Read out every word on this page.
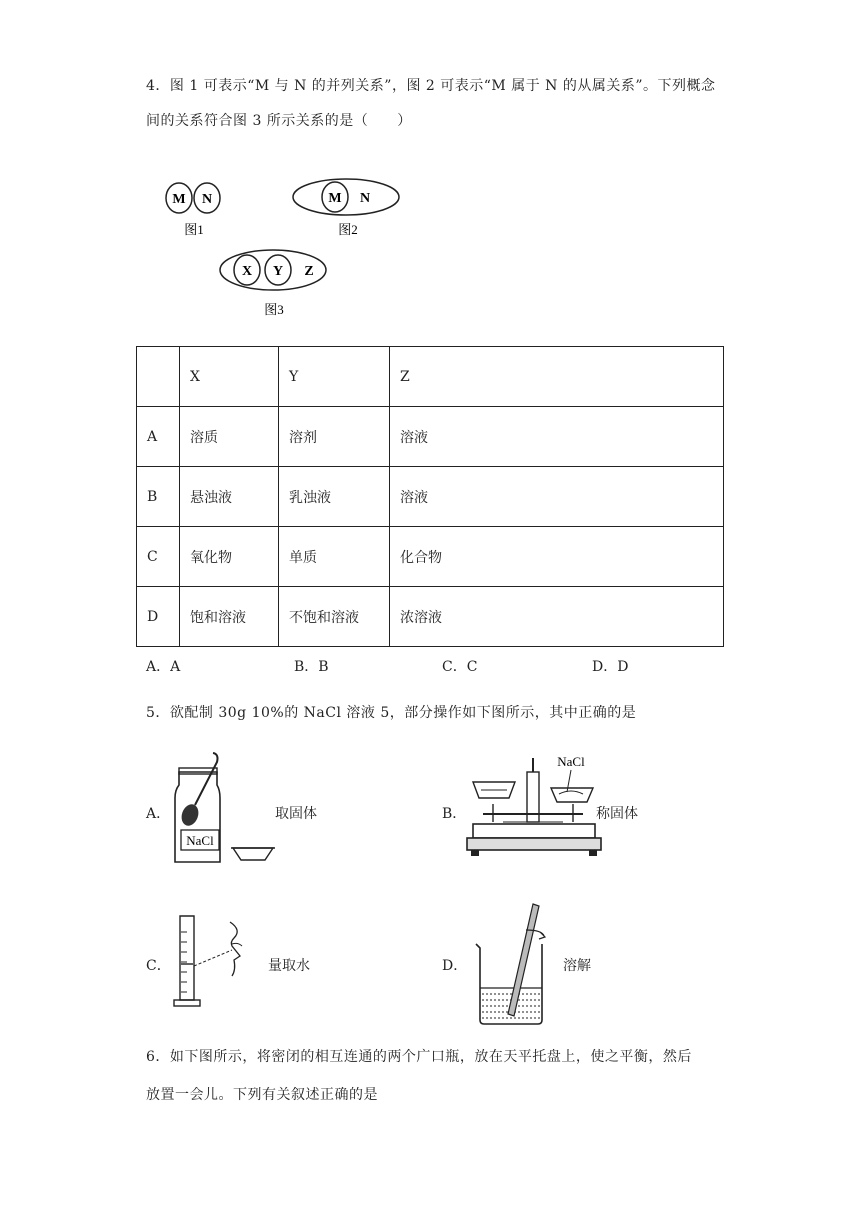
4．图 1 可表示“M 与 N 的并列关系”，图 2 可表示“M 属于 N 的从属关系”。下列概念
间的关系符合图 3 所示关系的是（　　）
M N
图1
M N
图2
X Y Z
图3
	X	Y	Z
A	溶质	溶剂	溶液
B	悬浊液	乳浊液	溶液
C	氧化物	单质	化合物
D	饱和溶液	不饱和溶液	浓溶液
A．A	B．B	C．C	D．D
5．欲配制 30g 10%的 NaCl 溶液 5，部分操作如下图所示，其中正确的是
A．
NaCl
取固体	B．
NaCl
称固体
C．	量取水	D．	溶解
6．如下图所示，将密闭的相互连通的两个广口瓶，放在天平托盘上，使之平衡，然后
放置一会儿。下列有关叙述正确的是
